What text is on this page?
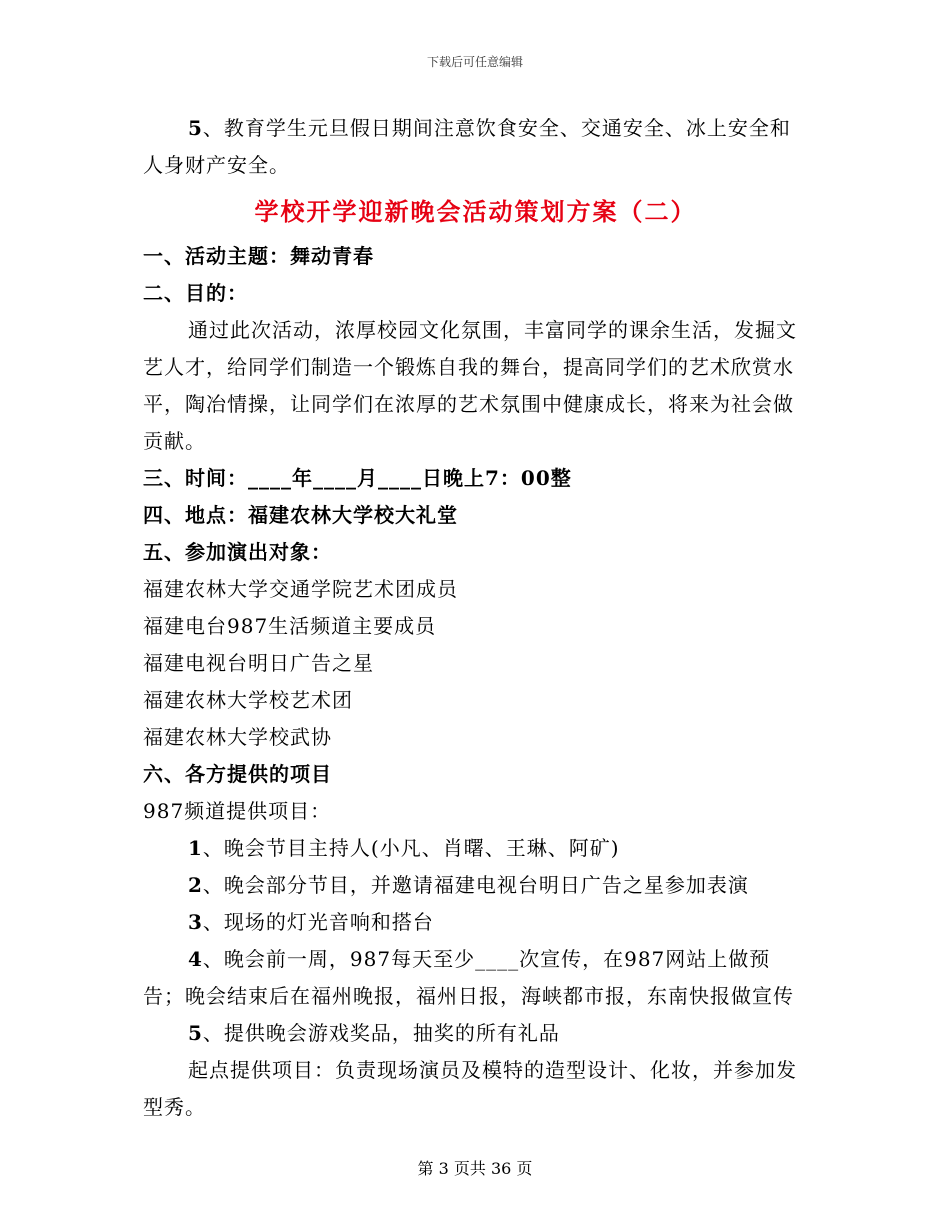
下载后可任意编辑

5、教育学生元旦假日期间注意饮食安全、交通安全、冰上安全和人身财产安全。

学校开学迎新晚会活动策划方案（二）

一、活动主题：舞动青春

二、目的：

通过此次活动，浓厚校园文化氛围，丰富同学的课余生活，发掘文艺人才，给同学们制造一个锻炼自我的舞台，提高同学们的艺术欣赏水平，陶冶情操，让同学们在浓厚的艺术氛围中健康成长，将来为社会做贡献。

三、时间：____年____月____日晚上7：00整

四、地点：福建农林大学校大礼堂

五、参加演出对象：

福建农林大学交通学院艺术团成员

福建电台987生活频道主要成员

福建电视台明日广告之星

福建农林大学校艺术团

福建农林大学校武协

六、各方提供的项目

987频道提供项目：

1、晚会节目主持人(小凡、肖曙、王琳、阿矿)

2、晚会部分节目，并邀请福建电视台明日广告之星参加表演

3、现场的灯光音响和搭台

4、晚会前一周，987每天至少____次宣传，在987网站上做预告；晚会结束后在福州晚报，福州日报，海峡都市报，东南快报做宣传

5、提供晚会游戏奖品，抽奖的所有礼品

起点提供项目：负责现场演员及模特的造型设计、化妆，并参加发型秀。

第 3 页共 36 页
